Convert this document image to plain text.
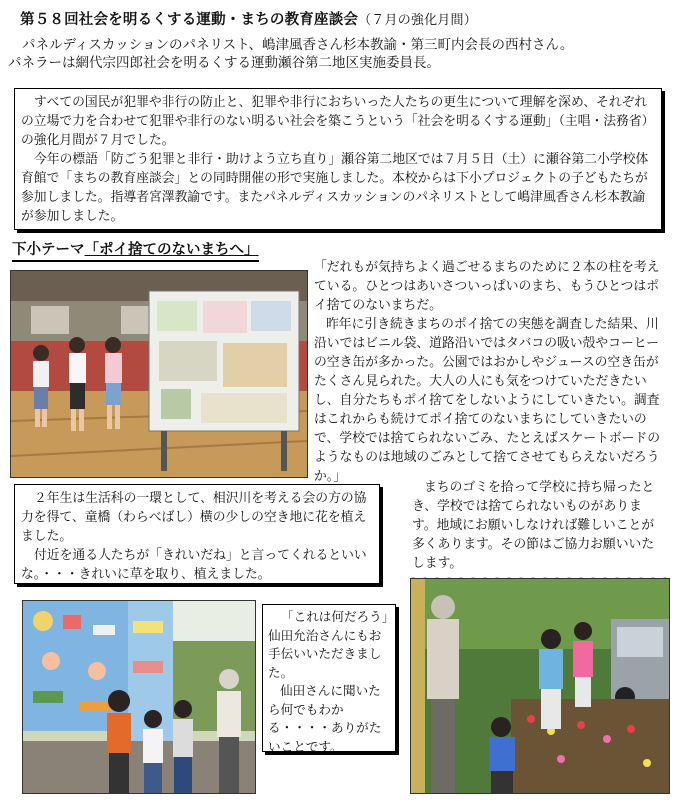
第５８回社会を明るくする運動・まちの教育座談会（７月の強化月間）

パネルディスカッションのパネリスト、嶋津風香さん杉本教諭・第三町内会長の西村さん。

パネラーは網代宗四郎社会を明るくする運動瀬谷第二地区実施委員長。

すべての国民が犯罪や非行の防止と、犯罪や非行におちいった人たちの更生について理解を深め、それぞれの立場で力を合わせて犯罪や非行のない明るい社会を築こうという「社会を明るくする運動」（主唱・法務省）の強化月間が７月でした。

今年の標語「防ごう犯罪と非行・助けよう立ち直り」瀬谷第二地区では７月５日（土）に瀬谷第二小学校体育館で「まちの教育座談会」との同時開催の形で実施しました。本校からは下小プロジェクトの子どもたちが参加しました。指導者宮澤教諭です。またパネルディスカッションのパネリストとして嶋津風香さん杉本教諭が参加しました。

下小テーマ「ポイ捨てのないまちへ」

「だれもが気持ちよく過ごせるまちのために２本の柱を考えている。ひとつはあいさついっぱいのまち、もうひとつはポイ捨てのないまちだ。

昨年に引き続きまちのポイ捨ての実態を調査した結果、川沿いではビニル袋、道路沿いではタバコの吸い殻やコーヒーの空き缶が多かった。公園ではおかしやジュースの空き缶がたくさん見られた。大人の人にも気をつけていただきたいし、自分たちもポイ捨てをしないようにしていきたい。調査はこれからも続けてポイ捨てのないまちにしていきたいので、学校では捨てられないごみ、たとえばスケートボードのようなものは地域のごみとして捨てさせてもらえないだろうか。」

２年生は生活科の一環として、相沢川を考える会の方の協力を得て、童橋（わらべばし）横の少しの空き地に花を植えました。

付近を通る人たちが「きれいだね」と言ってくれるといいな。・・・きれいに草を取り、植えました。

まちのゴミを拾って学校に持ち帰ったとき、学校では捨てられないものがあります。地域にお願いしなければ難しいことが多くあります。その節はご協力お願いいたします。

「これは何だろう」仙田允治さんにもお手伝いいただきました。

仙田さんに聞いたら何でもわかる・・・・ありがたいことです。
